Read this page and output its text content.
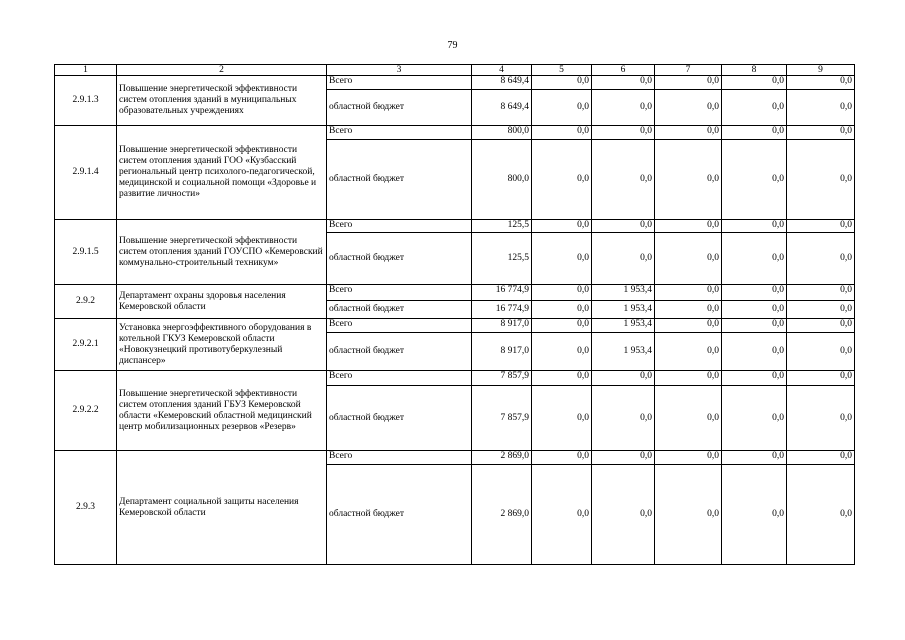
79
1	2	3	4	5	6	7	8	9
2.9.1.3	Повышение энергетической эффективности систем отопления зданий в муниципальных образовательных учреждениях	Всего	8 649,4	0,0	0,0	0,0	0,0	0,0
		областной бюджет	8 649,4	0,0	0,0	0,0	0,0	0,0
2.9.1.4	Повышение энергетической эффективности систем отопления зданий ГОО «Кузбасский региональный центр психолого-педагогической, медицинской и социальной помощи «Здоровье и развитие личности»	Всего	800,0	0,0	0,0	0,0	0,0	0,0
		областной бюджет	800,0	0,0	0,0	0,0	0,0	0,0
2.9.1.5	Повышение энергетической эффективности систем отопления зданий ГОУСПО «Кемеровский коммунально-строительный техникум»	Всего	125,5	0,0	0,0	0,0	0,0	0,0
		областной бюджет	125,5	0,0	0,0	0,0	0,0	0,0
2.9.2	Департамент охраны здоровья населения Кемеровской области	Всего	16 774,9	0,0	1 953,4	0,0	0,0	0,0
		областной бюджет	16 774,9	0,0	1 953,4	0,0	0,0	0,0
2.9.2.1	Установка энергоэффективного оборудования в котельной ГКУЗ Кемеровской области «Новокузнецкий противотуберкулезный диспансер»	Всего	8 917,0	0,0	1 953,4	0,0	0,0	0,0
		областной бюджет	8 917,0	0,0	1 953,4	0,0	0,0	0,0
2.9.2.2	Повышение энергетической эффективности систем отопления зданий ГБУЗ Кемеровской области «Кемеровский областной медицинский центр мобилизационных резервов «Резерв»	Всего	7 857,9	0,0	0,0	0,0	0,0	0,0
		областной бюджет	7 857,9	0,0	0,0	0,0	0,0	0,0
2.9.3	Департамент социальной защиты населения Кемеровской области	Всего	2 869,0	0,0	0,0	0,0	0,0	0,0
		областной бюджет	2 869,0	0,0	0,0	0,0	0,0	0,0
